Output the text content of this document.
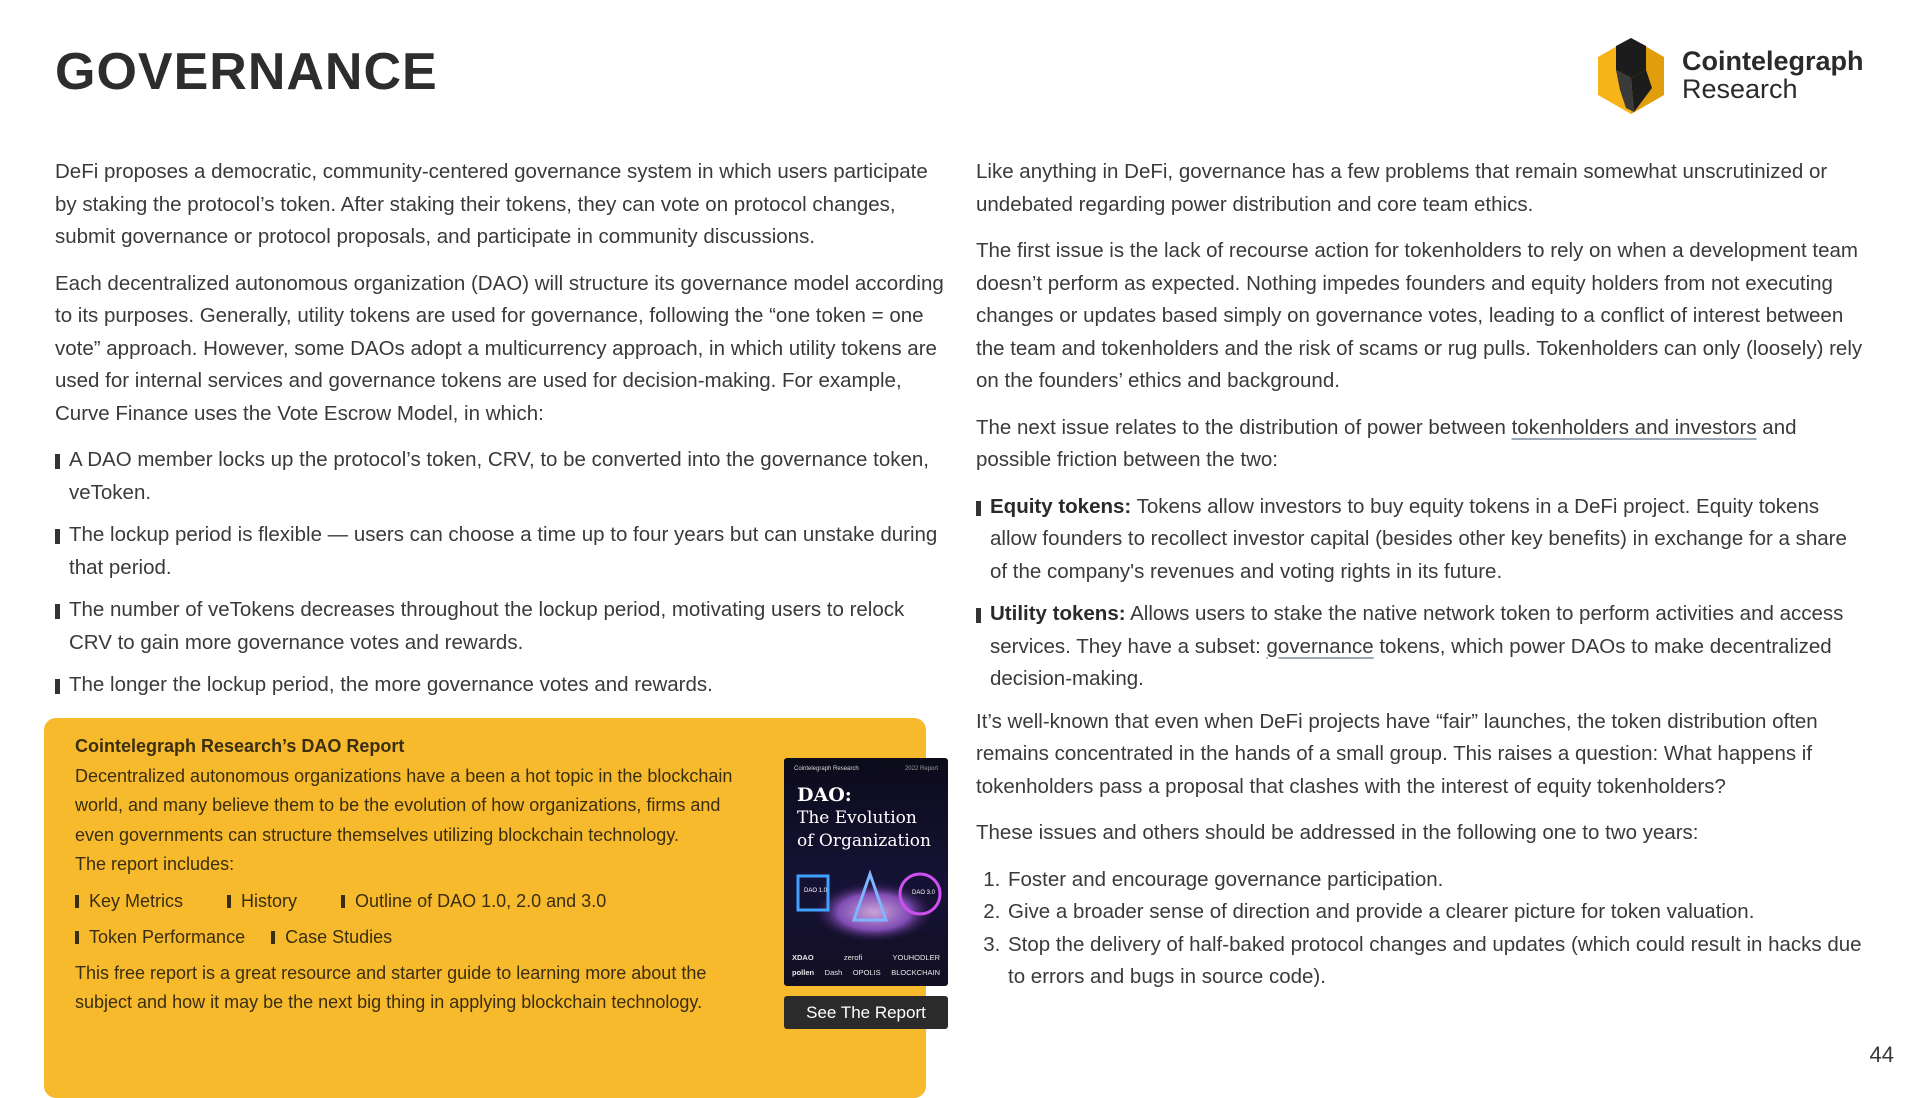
GOVERNANCE	Cointelegraph
Research

DeFi proposes a democratic, community-centered governance system in which users participate by staking the protocol’s token. After staking their tokens, they can vote on protocol changes, submit governance or protocol proposals, and participate in community discussions.

Each decentralized autonomous organization (DAO) will structure its governance model according to its purposes. Generally, utility tokens are used for governance, following the “one token = one vote” approach. However, some DAOs adopt a multicurrency approach, in which utility tokens are used for internal services and governance tokens are used for decision-making. For example, Curve Finance uses the Vote Escrow Model, in which:

A DAO member locks up the protocol’s token, CRV, to be converted into the governance token, veToken.
The lockup period is flexible — users can choose a time up to four years but can unstake during that period.
The number of veTokens decreases throughout the lockup period, motivating users to relock CRV to gain more governance votes and rewards.
The longer the lockup period, the more governance votes and rewards.

Cointelegraph Research’s DAO Report

Decentralized autonomous organizations have a been a hot topic in the blockchain world, and many believe them to be the evolution of how organizations, firms and even governments can structure themselves utilizing blockchain technology.

The report includes:

Key Metrics	History	Outline of DAO 1.0, 2.0 and 3.0
Token Performance	Case Studies

This free report is a great resource and starter guide to learning more about the subject and how it may be the next big thing in applying blockchain technology.

Cointelegraph Research	2022 Report
DAO:
The Evolution
of Organization
DAO 1.0	DAO 3.0
XDAO	zerofi	YOUHODLER
pollen Dash OPOLIS BLOCKCHAIN
See The Report

Like anything in DeFi, governance has a few problems that remain somewhat unscrutinized or undebated regarding power distribution and core team ethics.

The first issue is the lack of recourse action for tokenholders to rely on when a development team doesn’t perform as expected. Nothing impedes founders and equity holders from not executing changes or updates based simply on governance votes, leading to a conflict of interest between the team and tokenholders and the risk of scams or rug pulls. Tokenholders can only (loosely) rely on the founders’ ethics and background.

The next issue relates to the distribution of power between tokenholders and investors and possible friction between the two:

Equity tokens: Tokens allow investors to buy equity tokens in a DeFi project. Equity tokens allow founders to recollect investor capital (besides other key benefits) in exchange for a share of the company's revenues and voting rights in its future.
Utility tokens: Allows users to stake the native network token to perform activities and access services. They have a subset: governance tokens, which power DAOs to make decentralized decision-making.

It’s well-known that even when DeFi projects have “fair” launches, the token distribution often remains concentrated in the hands of a small group. This raises a question: What happens if tokenholders pass a proposal that clashes with the interest of equity tokenholders?

These issues and others should be addressed in the following one to two years:

1. Foster and encourage governance participation.
2. Give a broader sense of direction and provide a clearer picture for token valuation.
3. Stop the delivery of half-baked protocol changes and updates (which could result in hacks due to errors and bugs in source code).
44
